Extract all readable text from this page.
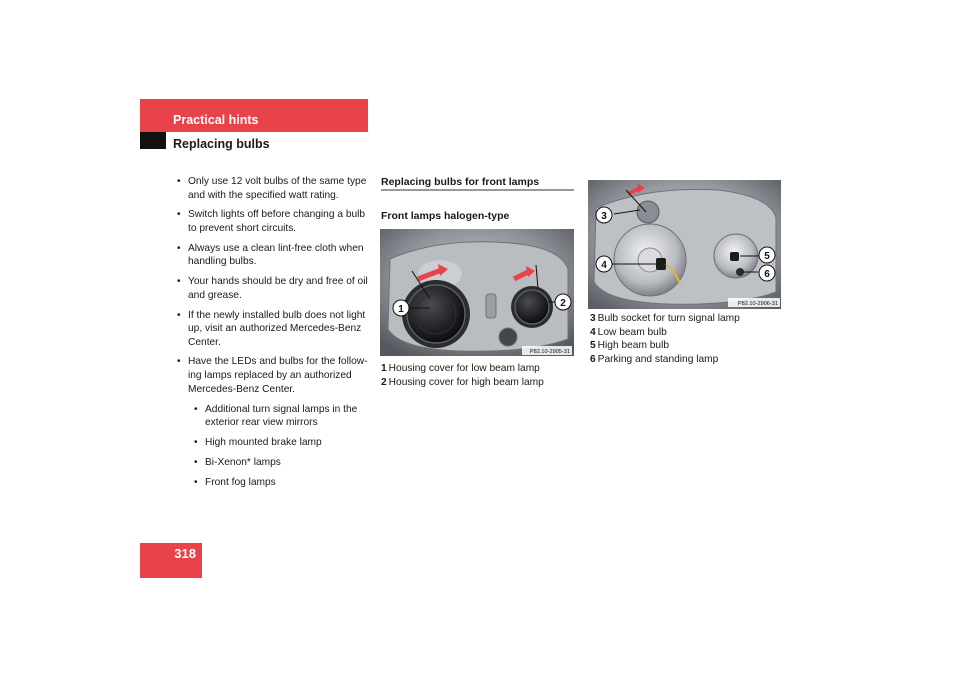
Practical hints
Replacing bulbs
• Only use 12 volt bulbs of the same type and with the specified watt rating.
• Switch lights off before changing a bulb to prevent short circuits.
• Always use a clean lint-free cloth when handling bulbs.
• Your hands should be dry and free of oil and grease.
• If the newly installed bulb does not light up, visit an authorized Mercedes-Benz Center.
• Have the LEDs and bulbs for the follow-ing lamps replaced by an authorized Mercedes-Benz Center.
• Additional turn signal lamps in the exterior rear view mirrors
• High mounted brake lamp
• Bi-Xenon* lamps
• Front fog lamps
Replacing bulbs for front lamps
Front lamps halogen-type
1
2
P82.10-2905-31
1 Housing cover for low beam lamp
2 Housing cover for high beam lamp
3
4
5
6
P82.10-2906-31
3 Bulb socket for turn signal lamp
4 Low beam bulb
5 High beam bulb
6 Parking and standing lamp
318
